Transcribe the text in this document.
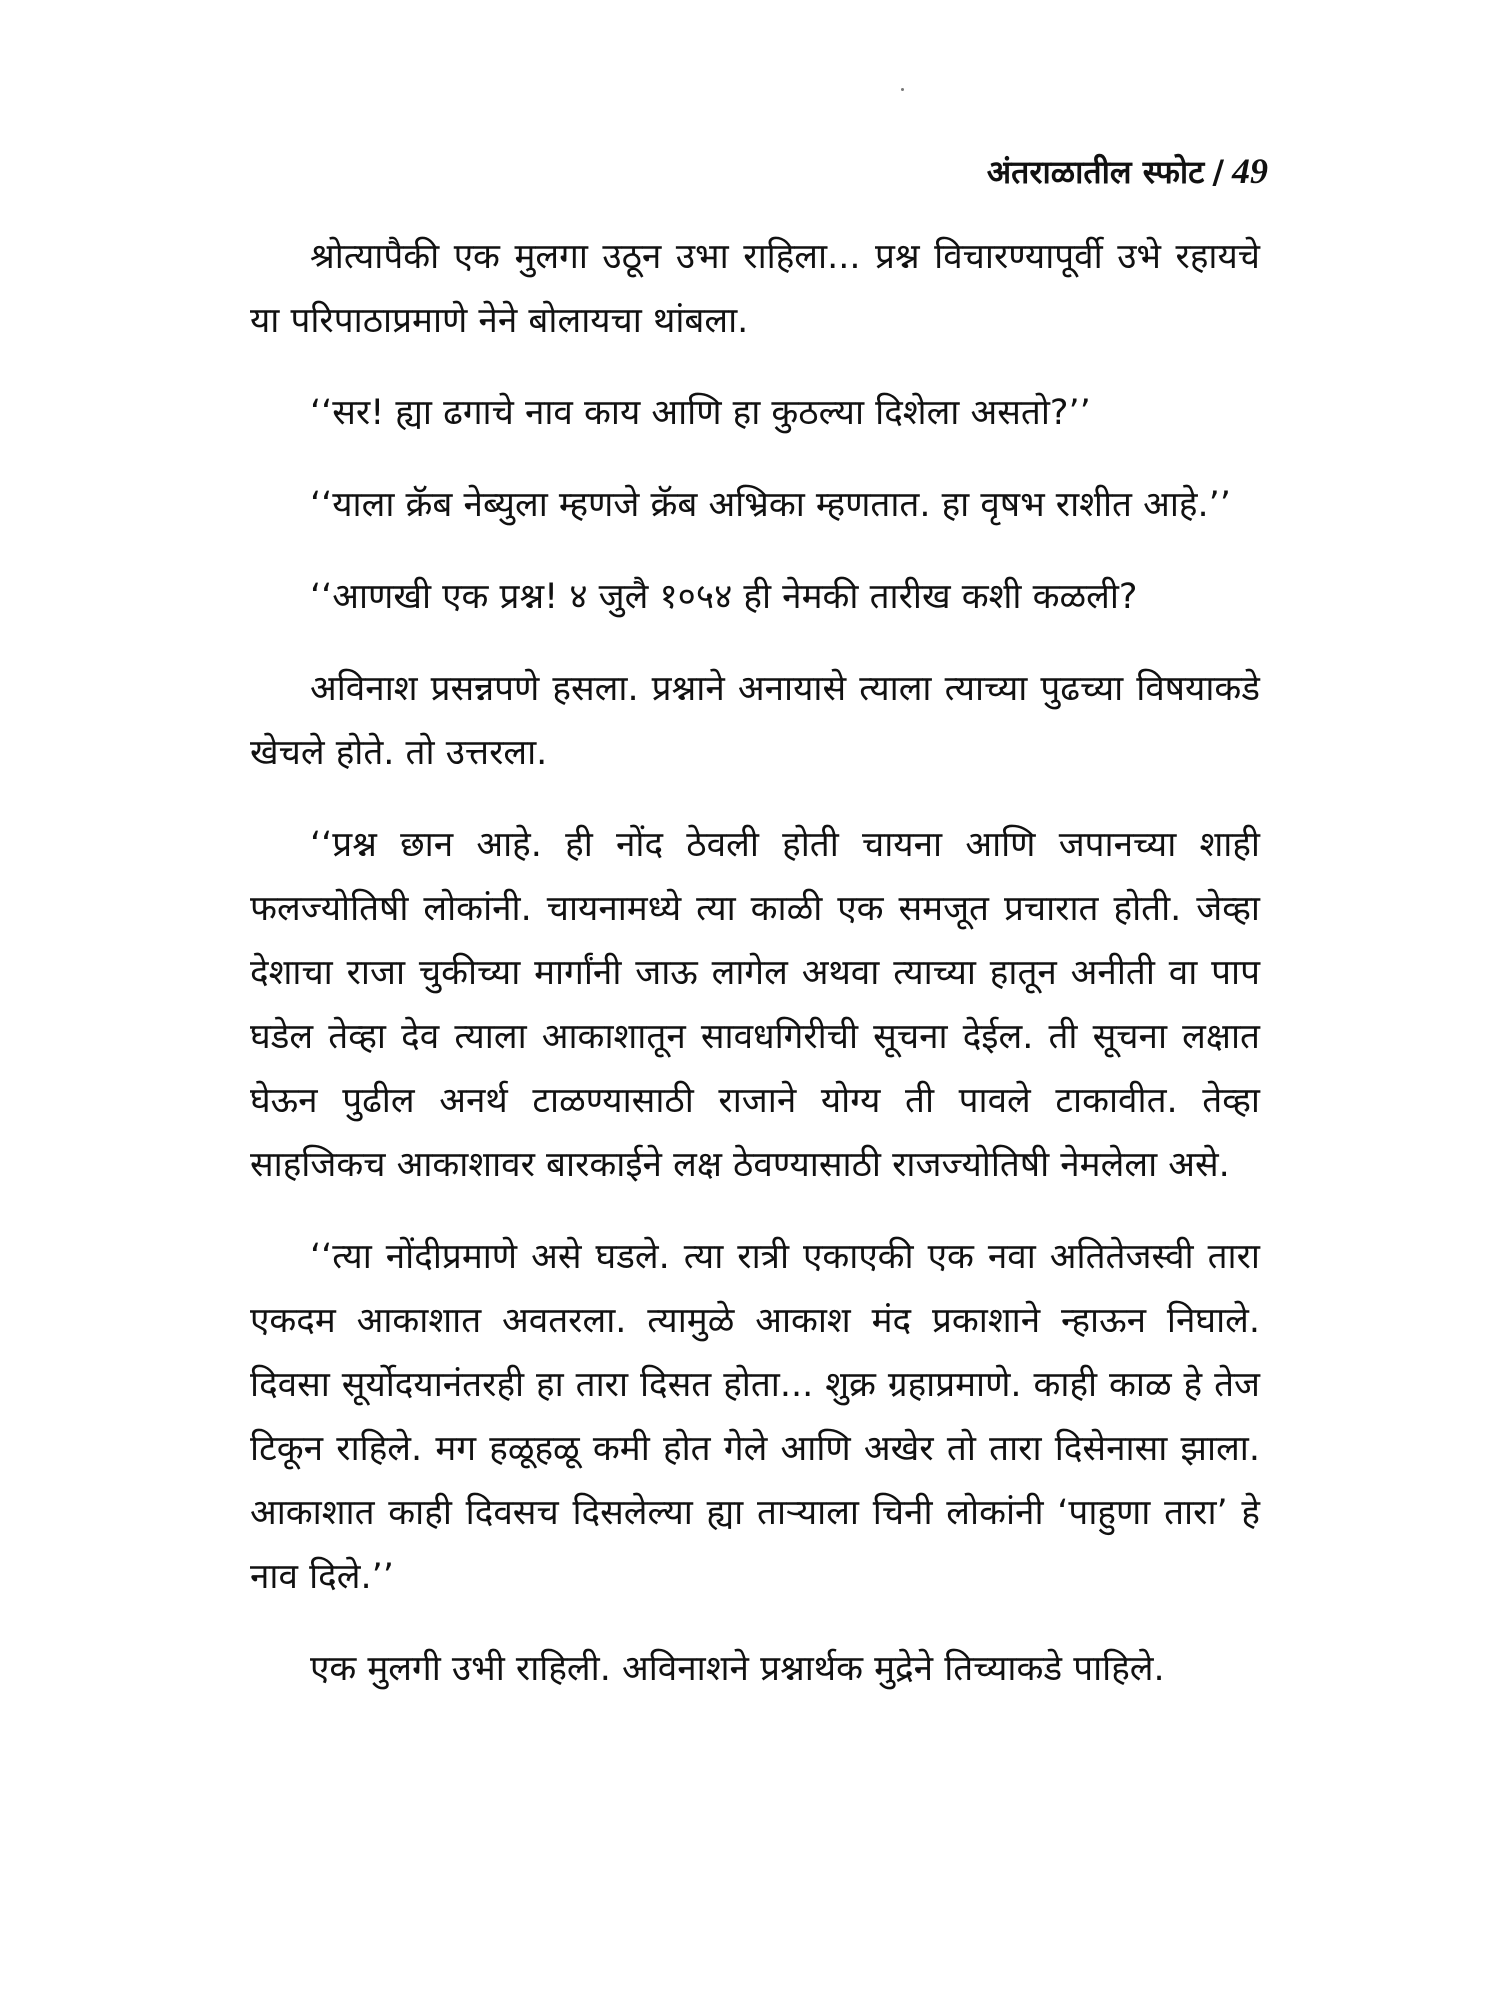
अंतराळातील स्फोट / 49

श्रोत्यापैकी एक मुलगा उठून उभा राहिला... प्रश्न विचारण्यापूर्वी उभे रहायचे या परिपाठाप्रमाणे नेने बोलायचा थांबला.

‘‘सर! ह्या ढगाचे नाव काय आणि हा कुठल्या दिशेला असतो?’’

‘‘याला क्रॅब नेब्युला म्हणजे क्रॅब अभ्रिका म्हणतात. हा वृषभ राशीत आहे.’’

‘‘आणखी एक प्रश्न! ४ जुलै १०५४ ही नेमकी तारीख कशी कळली?

अविनाश प्रसन्नपणे हसला. प्रश्नाने अनायासे त्याला त्याच्या पुढच्या विषयाकडे खेचले होते. तो उत्तरला.

‘‘प्रश्न छान आहे. ही नोंद ठेवली होती चायना आणि जपानच्या शाही फलज्योतिषी लोकांनी. चायनामध्ये त्या काळी एक समजूत प्रचारात होती. जेव्हा देशाचा राजा चुकीच्या मार्गांनी जाऊ लागेल अथवा त्याच्या हातून अनीती वा पाप घडेल तेव्हा देव त्याला आकाशातून सावधगिरीची सूचना देईल. ती सूचना लक्षात घेऊन पुढील अनर्थ टाळण्यासाठी राजाने योग्य ती पावले टाकावीत. तेव्हा साहजिकच आकाशावर बारकाईने लक्ष ठेवण्यासाठी राजज्योतिषी नेमलेला असे.

‘‘त्या नोंदीप्रमाणे असे घडले. त्या रात्री एकाएकी एक नवा अतितेजस्वी तारा एकदम आकाशात अवतरला. त्यामुळे आकाश मंद प्रकाशाने न्हाऊन निघाले. दिवसा सूर्योदयानंतरही हा तारा दिसत होता... शुक्र ग्रहाप्रमाणे. काही काळ हे तेज टिकून राहिले. मग हळूहळू कमी होत गेले आणि अखेर तो तारा दिसेनासा झाला. आकाशात काही दिवसच दिसलेल्या ह्या ताऱ्याला चिनी लोकांनी ‘पाहुणा तारा’ हे नाव दिले.’’

एक मुलगी उभी राहिली. अविनाशने प्रश्नार्थक मुद्रेने तिच्याकडे पाहिले.
